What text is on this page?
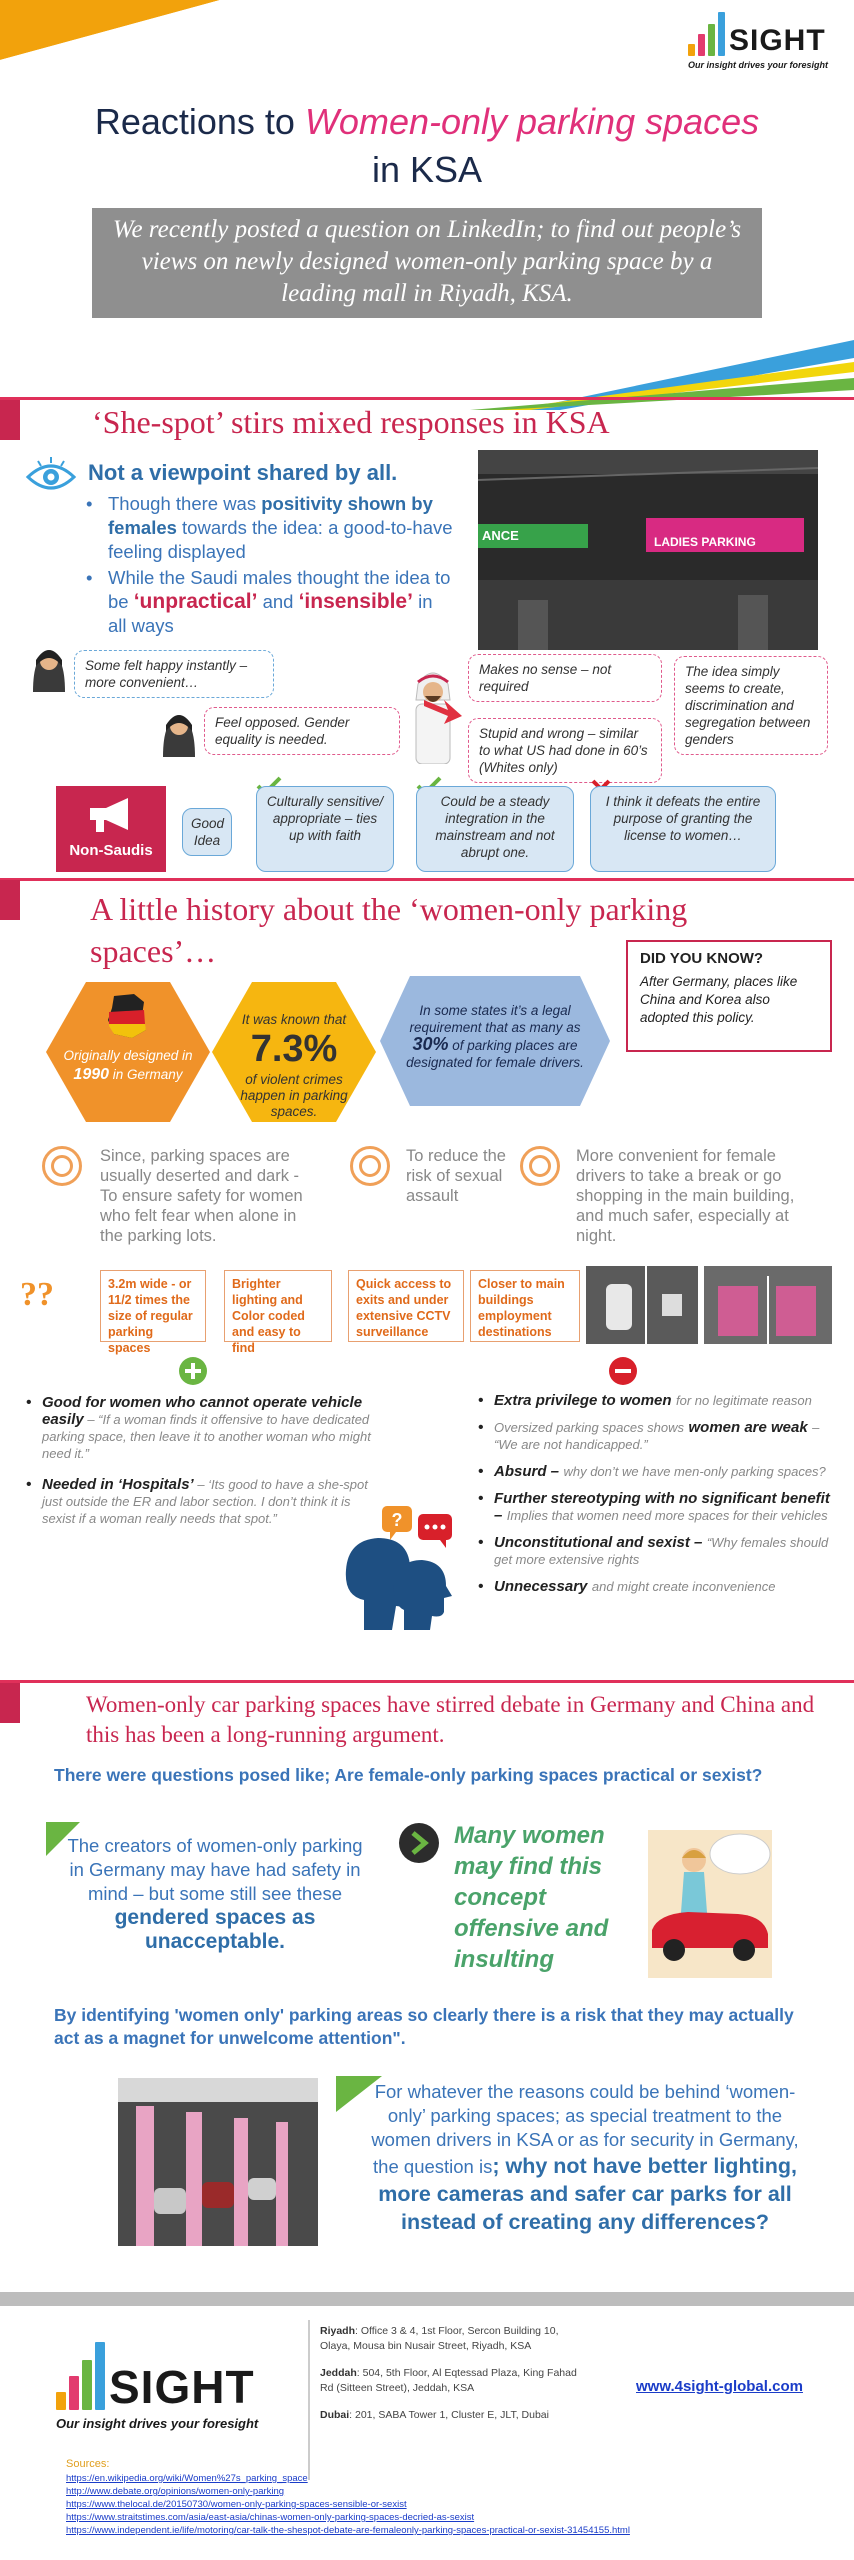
SIGHT
Our insight drives your foresight
Reactions to Women-only parking spaces
in KSA
We recently posted a question on LinkedIn; to find out people’s views on newly designed women-only parking space by a leading mall in Riyadh, KSA.
‘She-spot’ stirs mixed responses in KSA
Not a viewpoint shared by all.
• Though there was positivity shown by females towards the idea: a good-to-have feeling displayed
• While the Saudi males thought the idea to be ‘unpractical’ and ‘insensible’ in all ways
ANCE	LADIES PARKING
Some felt happy instantly – more convenient…
Feel opposed. Gender equality is needed.
Makes no sense – not required
Stupid and wrong – similar to what US had done in 60’s (Whites only)
The idea simply seems to create, discrimination and segregation between genders
Non-Saudis
Good Idea
Culturally sensitive/ appropriate – ties up with faith
Could be a steady integration in the mainstream and not abrupt one.
I think it defeats the entire purpose of granting the license to women…
A little history about the ‘women-only parking spaces’…	DID YOU KNOW?
After Germany, places like China and Korea also adopted this policy.
Originally designed in
1990 in Germany
It was known that
7.3%
of violent crimes happen in parking spaces.
In some states it’s a legal requirement that as many as
30% of parking places are designated for female drivers.
Since, parking spaces are usually deserted and dark - To ensure safety for women who felt fear when alone in the parking lots.
To reduce the risk of sexual assault
More convenient for female drivers to take a break or go shopping in the main building, and much safer, especially at night.
??	3.2m wide - or 11/2 times the size of regular parking spaces
Brighter lighting and Color coded and easy to find
Quick access to exits and under extensive CCTV surveillance
Closer to main buildings employment destinations
• Good for women who cannot operate vehicle easily – “If a woman finds it offensive to have dedicated parking space, then leave it to another woman who might need it.”
• Needed in ‘Hospitals’ – ‘Its good to have a she-spot just outside the ER and labor section. I don’t think it is sexist if a woman really needs that spot.”	?
• Extra privilege to women for no legitimate reason
• Oversized parking spaces shows women are weak – “We are not handicapped.”
• Absurd – why don’t we have men-only parking spaces?
• Further stereotyping with no significant benefit – Implies that women need more spaces for their vehicles
• Unconstitutional and sexist – “Why females should get more extensive rights
• Unnecessary and might create inconvenience
Women-only car parking spaces have stirred debate in Germany and China and this has been a long-running argument.
There were questions posed like; Are female-only parking spaces practical or sexist?
The creators of women-only parking in Germany may have had safety in mind – but some still see these gendered spaces as unacceptable.
Many women may find this concept offensive and insulting
By identifying 'women only' parking areas so clearly there is a risk that they may actually act as a magnet for unwelcome attention".
For whatever the reasons could be behind ‘women-only’ parking spaces; as special treatment to the women drivers in KSA or as for security in Germany, the question is; why not have better lighting, more cameras and safer car parks for all instead of creating any differences?
SIGHT
Our insight drives your foresight
Riyadh: Office 3 & 4, 1st Floor, Sercon Building 10, Olaya, Mousa bin Nusair Street, Riyadh, KSA
Jeddah: 504, 5th Floor, Al Eqtessad Plaza, King Fahad Rd (Sitteen Street), Jeddah, KSA
Dubai: 201, SABA Tower 1, Cluster E, JLT, Dubai
www.4sight-global.com
Sources:
https://en.wikipedia.org/wiki/Women%27s_parking_space
http://www.debate.org/opinions/women-only-parking
https://www.thelocal.de/20150730/women-only-parking-spaces-sensible-or-sexist
https://www.straitstimes.com/asia/east-asia/chinas-women-only-parking-spaces-decried-as-sexist
https://www.independent.ie/life/motoring/car-talk-the-shespot-debate-are-femaleonly-parking-spaces-practical-or-sexist-31454155.html
